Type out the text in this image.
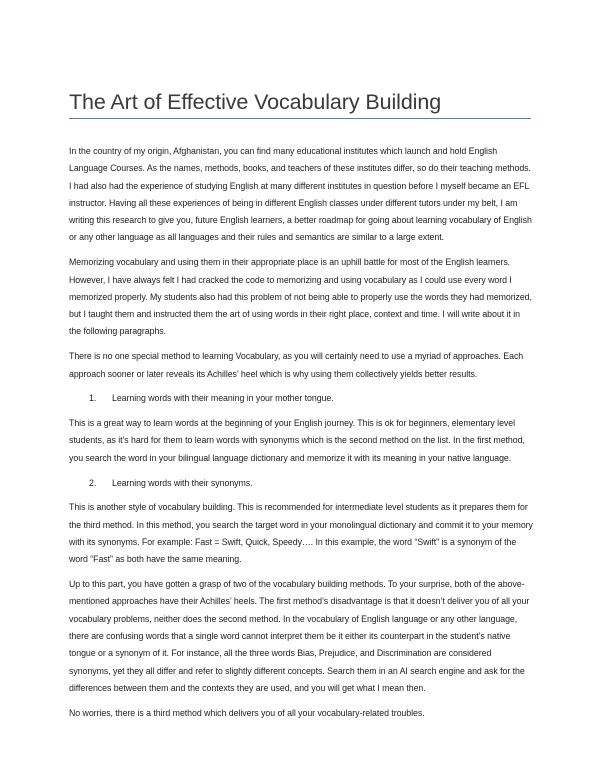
The Art of Effective Vocabulary Building

In the country of my origin, Afghanistan, you can find many educational institutes which launch and hold English Language Courses. As the names, methods, books, and teachers of these institutes differ, so do their teaching methods. I had also had the experience of studying English at many different institutes in question before I myself became an EFL instructor. Having all these experiences of being in different English classes under different tutors under my belt, I am writing this research to give you, future English learners, a better roadmap for going about learning vocabulary of English or any other language as all languages and their rules and semantics are similar to a large extent.

Memorizing vocabulary and using them in their appropriate place is an uphill battle for most of the English learners. However, I have always felt I had cracked the code to memorizing and using vocabulary as I could use every word I memorized properly. My students also had this problem of not being able to properly use the words they had memorized, but I taught them and instructed them the art of using words in their right place, context and time. I will write about it in the following paragraphs.

There is no one special method to learning Vocabulary, as you will certainly need to use a myriad of approaches. Each approach sooner or later reveals its Achilles’ heel which is why using them collectively yields better results.

1.	Learning words with their meaning in your mother tongue.

This is a great way to learn words at the beginning of your English journey. This is ok for beginners, elementary level students, as it’s hard for them to learn words with synonyms which is the second method on the list. In the first method, you search the word in your bilingual language dictionary and memorize it with its meaning in your native language.

2.	Learning words with their synonyms.

This is another style of vocabulary building. This is recommended for intermediate level students as it prepares them for the third method. In this method, you search the target word in your monolingual dictionary and commit it to your memory with its synonyms. For example: Fast = Swift, Quick, Speedy…. In this example, the word “Swift” is a synonym of the word “Fast” as both have the same meaning.

Up to this part, you have gotten a grasp of two of the vocabulary building methods. To your surprise, both of the above-mentioned approaches have their Achilles’ heels. The first method’s disadvantage is that it doesn’t deliver you of all your vocabulary problems, neither does the second method. In the vocabulary of English language or any other language, there are confusing words that a single word cannot interpret them be it either its counterpart in the student’s native tongue or a synonym of it. For instance, all the three words Bias, Prejudice, and Discrimination are considered synonyms, yet they all differ and refer to slightly different concepts. Search them in an AI search engine and ask for the differences between them and the contexts they are used, and you will get what I mean then.

No worries, there is a third method which delivers you of all your vocabulary-related troubles.
